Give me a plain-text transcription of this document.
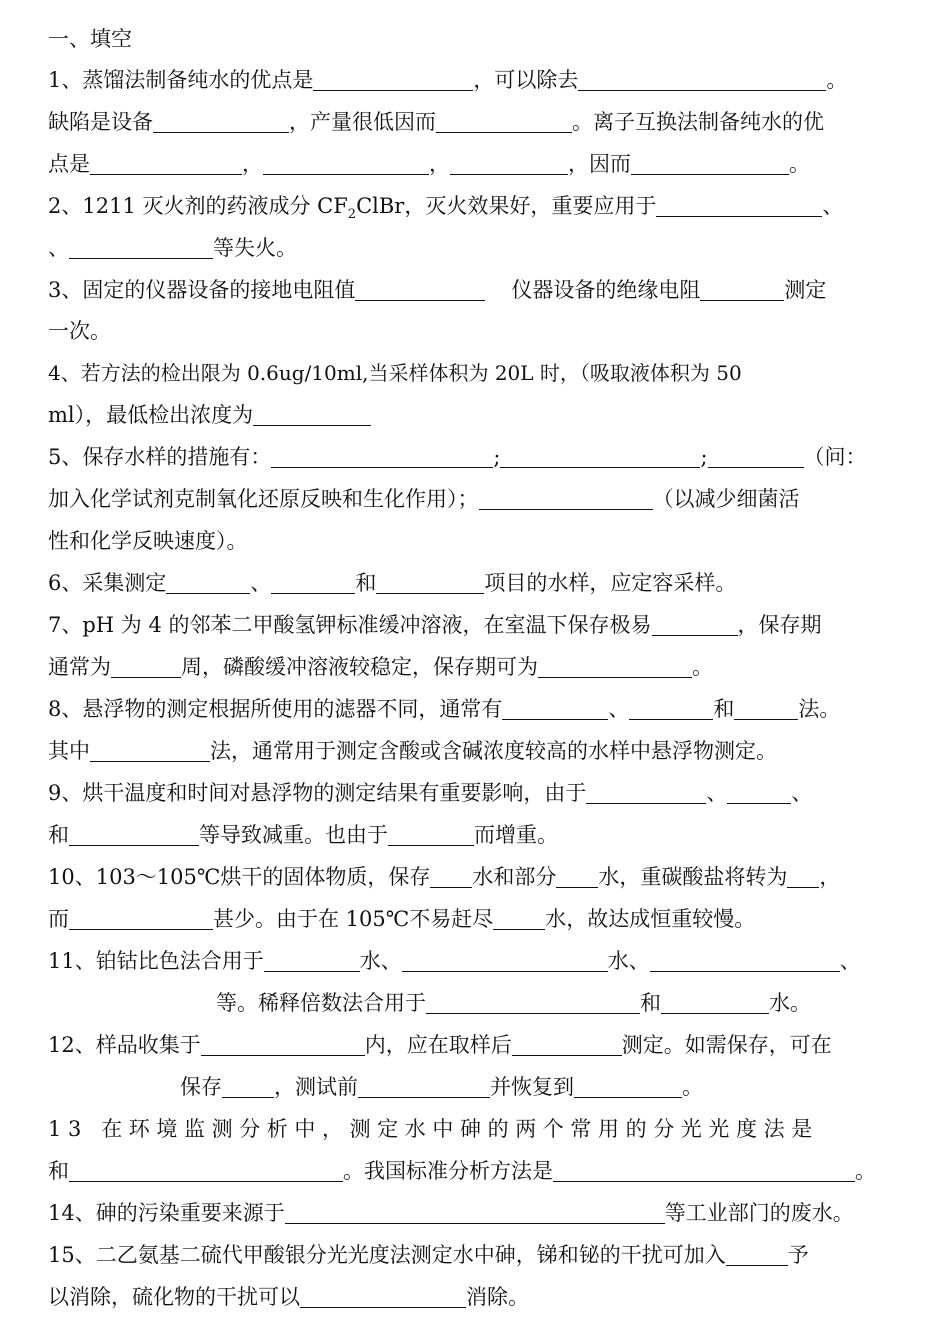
一、填空
1、蒸馏法制备纯水的优点是	，可以除去	。
缺陷是设备	，产量很低因而	。离子互换法制备纯水的优
点是	，	，	，因而	。
2、1211 灭火剂的药液成分 $CF_2ClBr$，灭火效果好，重要应用于	、
、	等失火。
3、固定的仪器设备的接地电阻值	仪器设备的绝缘电阻	测定
一次。
4、若方法的检出限为 0.6ug/10ml,当采样体积为 20L 时，（吸取液体积为 50
ml），最低检出浓度为
5、保存水样的措施有：	;	;	（问：
加入化学试剂克制氧化还原反映和生化作用）；	（以减少细菌活
性和化学反映速度）。
6、采集测定	、	和	项目的水样，应定容采样。
7、pH 为 4 的邻苯二甲酸氢钾标准缓冲溶液，在室温下保存极易	，保存期
通常为	周，磷酸缓冲溶液较稳定，保存期可为	。
8、悬浮物的测定根据所使用的滤器不同，通常有	、	和	法。
其中	法，通常用于测定含酸或含碱浓度较高的水样中悬浮物测定。
9、烘干温度和时间对悬浮物的测定结果有重要影响，由于	、	、
和	等导致减重。也由于	而增重。
10、103～105℃烘干的固体物质，保存 水和部分 水，重碳酸盐将转为 ，
而	甚少。由于在 105℃不易赶尽 水，故达成恒重较慢。
11、铂钴比色法合用于	水、	水、	、
等。稀释倍数法合用于	和	水。
12、样品收集于	内，应在取样后	测定。如需保存，可在
保存 ，测试前	并恢复到	。
13 在环境监测分析中，测定水中砷的两个常用的分光光度法是
和	。我国标准分析方法是	。
14、砷的污染重要来源于	等工业部门的废水。
15、二乙氨基二硫代甲酸银分光光度法测定水中砷，锑和铋的干扰可加入	予
以消除，硫化物的干扰可以	消除。
